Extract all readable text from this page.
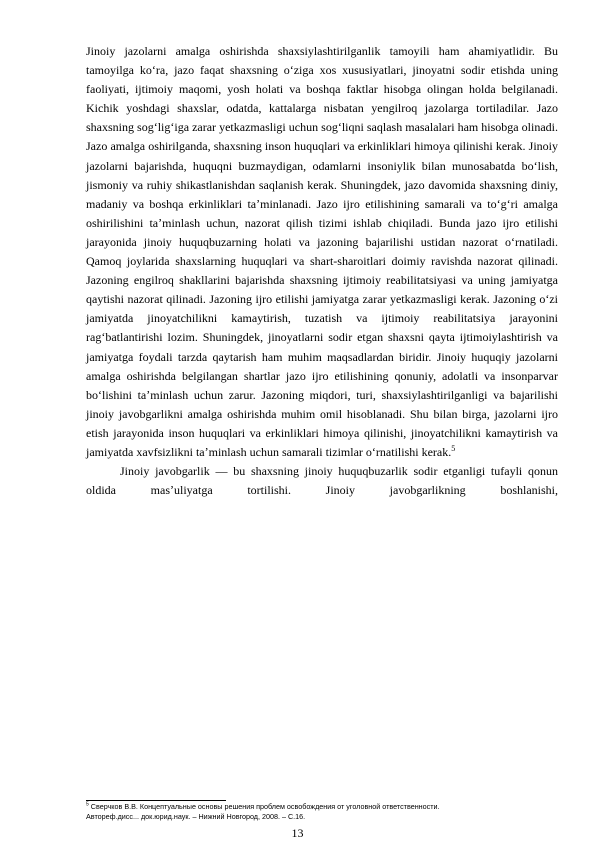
Jinoiy jazolarni amalga oshirishda shaxsiylashtirilganlik tamoyili ham ahamiyatlidir. Bu tamoyilga koʻra, jazo faqat shaxsning oʻziga xos xususiyatlari, jinoyatni sodir etishda uning faoliyati, ijtimoiy maqomi, yosh holati va boshqa faktlar hisobga olingan holda belgilanadi. Kichik yoshdagi shaxslar, odatda, kattalarga nisbatan yengilroq jazolarga tortiladilar. Jazo shaxsning sogʻligʻiga zarar yetkazmasligi uchun sogʻliqni saqlash masalalari ham hisobga olinadi. Jazo amalga oshirilganda, shaxsning inson huquqlari va erkinliklari himoya qilinishi kerak. Jinoiy jazolarni bajarishda, huquqni buzmaydigan, odamlarni insoniylik bilan munosabatda boʻlish, jismoniy va ruhiy shikastlanishdan saqlanish kerak. Shuningdek, jazo davomida shaxsning diniy, madaniy va boshqa erkinliklari taʼminlanadi. Jazo ijro etilishining samarali va toʻgʻri amalga oshirilishini taʼminlash uchun, nazorat qilish tizimi ishlab chiqiladi. Bunda jazo ijro etilishi jarayonida jinoiy huquqbuzarning holati va jazoning bajarilishi ustidan nazorat oʻrnatiladi. Qamoq joylarida shaxslarning huquqlari va shart-sharoitlari doimiy ravishda nazorat qilinadi. Jazoning engilroq shakllarini bajarishda shaxsning ijtimoiy reabilitatsiyasi va uning jamiyatga qaytishi nazorat qilinadi. Jazoning ijro etilishi jamiyatga zarar yetkazmasligi kerak. Jazoning oʻzi jamiyatda jinoyatchilikni kamaytirish, tuzatish va ijtimoiy reabilitatsiya jarayonini ragʻbatlantirishi lozim. Shuningdek, jinoyatlarni sodir etgan shaxsni qayta ijtimoiylashtirish va jamiyatga foydali tarzda qaytarish ham muhim maqsadlardan biridir. Jinoiy huquqiy jazolarni amalga oshirishda belgilangan shartlar jazo ijro etilishining qonuniy, adolatli va insonparvar boʻlishini taʼminlash uchun zarur. Jazoning miqdori, turi, shaxsiylashtirilganligi va bajarilishi jinoiy javobgarlikni amalga oshirishda muhim omil hisoblanadi. Shu bilan birga, jazolarni ijro etish jarayonida inson huquqlari va erkinliklari himoya qilinishi, jinoyatchilikni kamaytirish va jamiyatda xavfsizlikni taʼminlash uchun samarali tizimlar oʻrnatilishi kerak.$^5$

Jinoiy javobgarlik — bu shaxsning jinoiy huquqbuzarlik sodir etganligi tufayli qonun oldida masʼuliyatga tortilishi. Jinoiy javobgarlikning boshlanishi,

$^5$ Сверчков В.В. Концептуальные основы решения проблем освобождения от уголовной ответственности.
Автореф.дисс... док.юрид.наук. – Нижний Новгород, 2008. – С.16.
13
